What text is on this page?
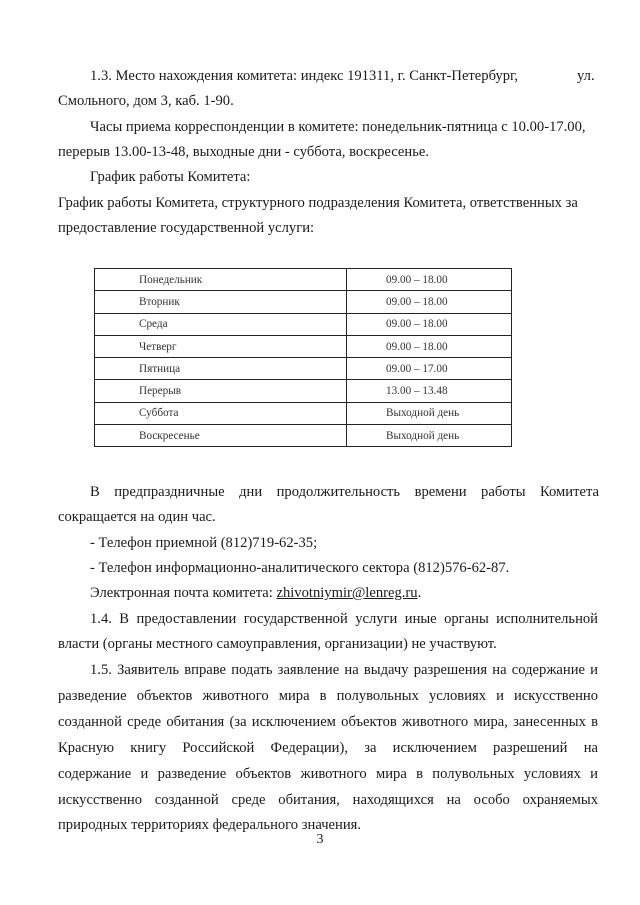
1.3. Место нахождения комитета: индекс 191311, г. Санкт-Петербург,	ул.
Смольного, дом 3, каб. 1-90.
Часы приема корреспонденции в комитете: понедельник-пятница с 10.00-17.00,
перерыв 13.00-13-48, выходные дни - суббота, воскресенье.
График работы Комитета:
График работы Комитета, структурного подразделения Комитета, ответственных за
предоставление государственной услуги:
Понедельник	09.00 – 18.00
Вторник	09.00 – 18.00
Среда	09.00 – 18.00
Четверг	09.00 – 18.00
Пятница	09.00 – 17.00
Перерыв	13.00 – 13.48
Суббота	Выходной день
Воскресенье	Выходной день
В предпраздничные дни продолжительность времени работы Комитета
сокращается на один час.
- Телефон приемной (812)719-62-35;
- Телефон информационно-аналитического сектора (812)576-62-87.
Электронная почта комитета: zhivotniymir@lenreg.ru.
1.4. В предоставлении государственной услуги иные органы исполнительной
власти (органы местного самоуправления, организации) не участвуют.
1.5. Заявитель вправе подать заявление на выдачу разрешения на содержание и
разведение объектов животного мира в полувольных условиях и искусственно
созданной среде обитания (за исключением объектов животного мира, занесенных в
Красную книгу Российской Федерации), за исключением разрешений на
содержание и разведение объектов животного мира в полувольных условиях и
искусственно созданной среде обитания, находящихся на особо охраняемых
природных территориях федерального значения.
3
